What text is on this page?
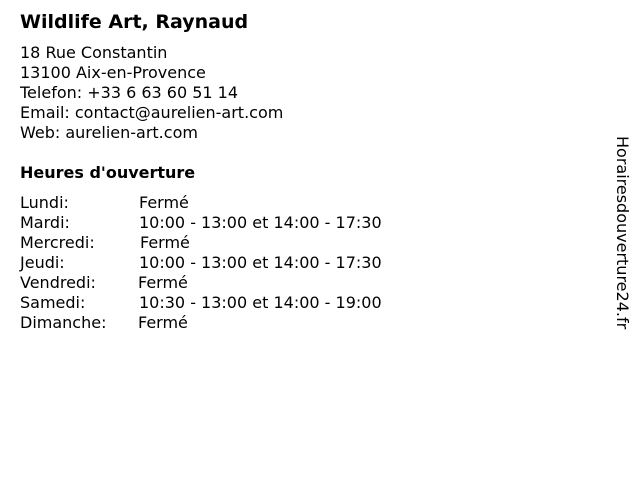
Wildlife Art, Raynaud
18 Rue Constantin
13100 Aix-en-Provence
Telefon: +33 6 63 60 51 14
Email: contact@aurelien-art.com
Web: aurelien-art.com
Heures d'ouverture
Lundi:	Fermé
Mardi:	10:00 - 13:00 et 14:00 - 17:30
Mercredi:	Fermé
Jeudi:	10:00 - 13:00 et 14:00 - 17:30
Vendredi:	Fermé
Samedi:	10:30 - 13:00 et 14:00 - 19:00
Dimanche: Fermé	Horairesdouverture24.fr
